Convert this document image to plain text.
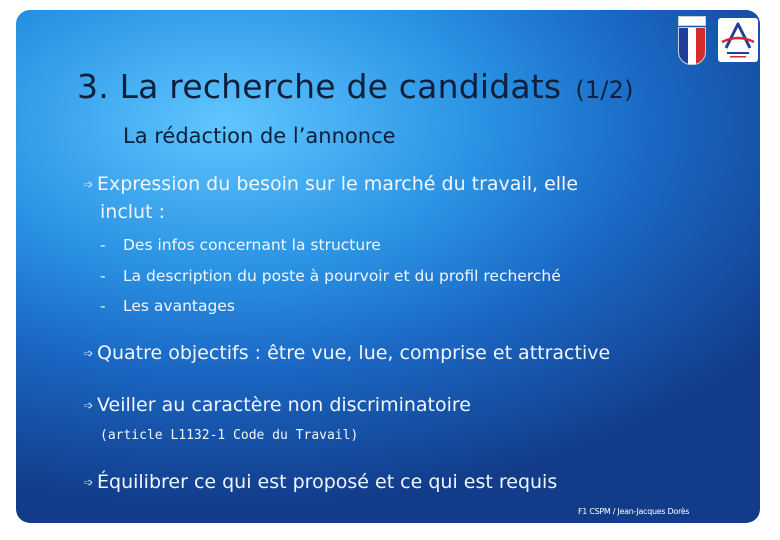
3. La recherche de candidats (1/2)
La rédaction de l’annonce
➩ Expression du besoin sur le marché du travail, elle
inclut :
- Des infos concernant la structure
- La description du poste à pourvoir et du profil recherché
- Les avantages
➩ Quatre objectifs : être vue, lue, comprise et attractive
➩ Veiller au caractère non discriminatoire
(article L1132-1 Code du Travail)
➩ Équilibrer ce qui est proposé et ce qui est requis
F1 CSPM / Jean-Jacques Dorès
